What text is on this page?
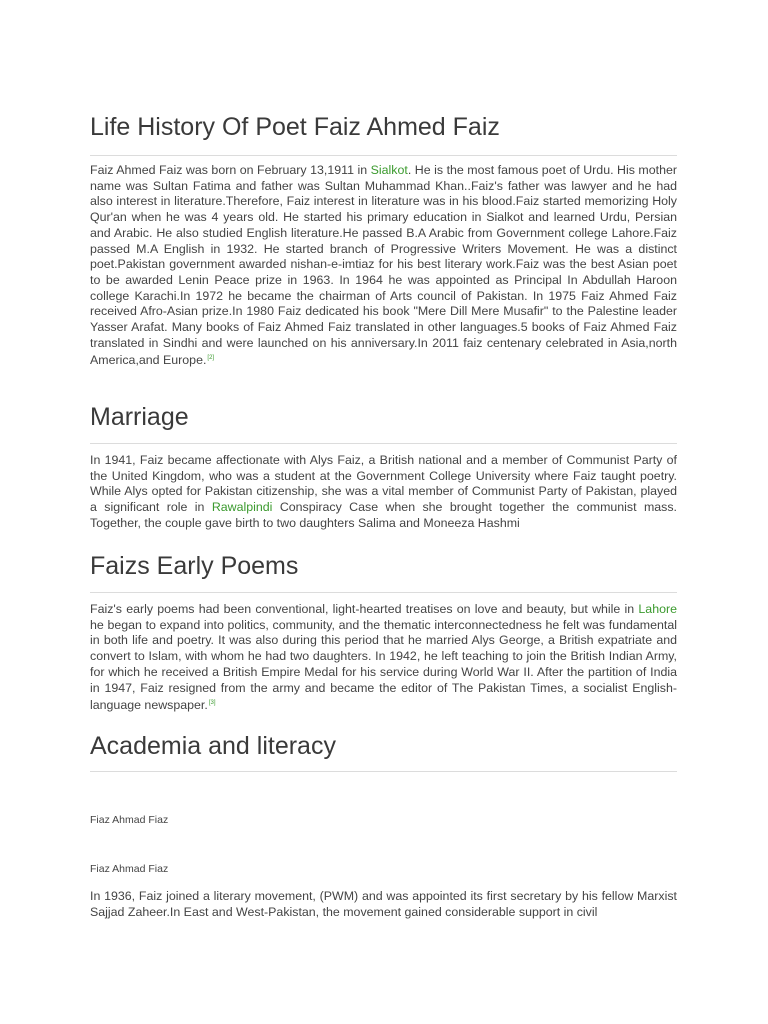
Life History Of Poet Faiz Ahmed Faiz

Faiz Ahmed Faiz was born on February 13,1911 in Sialkot. He is the most famous poet of Urdu. His mother name was Sultan Fatima and father was Sultan Muhammad Khan..Faiz's father was lawyer and he had also interest in literature.Therefore, Faiz interest in literature was in his blood.Faiz started memorizing Holy Qur'an when he was 4 years old. He started his primary education in Sialkot and learned Urdu, Persian and Arabic. He also studied English literature.He passed B.A Arabic from Government college Lahore.Faiz passed M.A English in 1932. He started branch of Progressive Writers Movement. He was a distinct poet.Pakistan government awarded nishan-e-imtiaz for his best literary work.Faiz was the best Asian poet to be awarded Lenin Peace prize in 1963. In 1964 he was appointed as Principal In Abdullah Haroon college Karachi.In 1972 he became the chairman of Arts council of Pakistan. In 1975 Faiz Ahmed Faiz received Afro-Asian prize.In 1980 Faiz dedicated his book "Mere Dill Mere Musafir" to the Palestine leader Yasser Arafat. Many books of Faiz Ahmed Faiz translated in other languages.5 books of Faiz Ahmed Faiz translated in Sindhi and were launched on his anniversary.In 2011 faiz centenary celebrated in Asia,north America,and Europe.[2]

Marriage

In 1941, Faiz became affectionate with Alys Faiz, a British national and a member of Communist Party of the United Kingdom, who was a student at the Government College University where Faiz taught poetry. While Alys opted for Pakistan citizenship, she was a vital member of Communist Party of Pakistan, played a significant role in Rawalpindi Conspiracy Case when she brought together the communist mass. Together, the couple gave birth to two daughters Salima and Moneeza Hashmi

Faizs Early Poems

Faiz's early poems had been conventional, light-hearted treatises on love and beauty, but while in Lahore he began to expand into politics, community, and the thematic interconnectedness he felt was fundamental in both life and poetry. It was also during this period that he married Alys George, a British expatriate and convert to Islam, with whom he had two daughters. In 1942, he left teaching to join the British Indian Army, for which he received a British Empire Medal for his service during World War II. After the partition of India in 1947, Faiz resigned from the army and became the editor of The Pakistan Times, a socialist English-language newspaper.[3]

Academia and literacy
Fiaz Ahmad Fiaz
Fiaz Ahmad Fiaz

In 1936, Faiz joined a literary movement, (PWM) and was appointed its first secretary by his fellow Marxist Sajjad Zaheer.In East and West-Pakistan, the movement gained considerable support in civil
